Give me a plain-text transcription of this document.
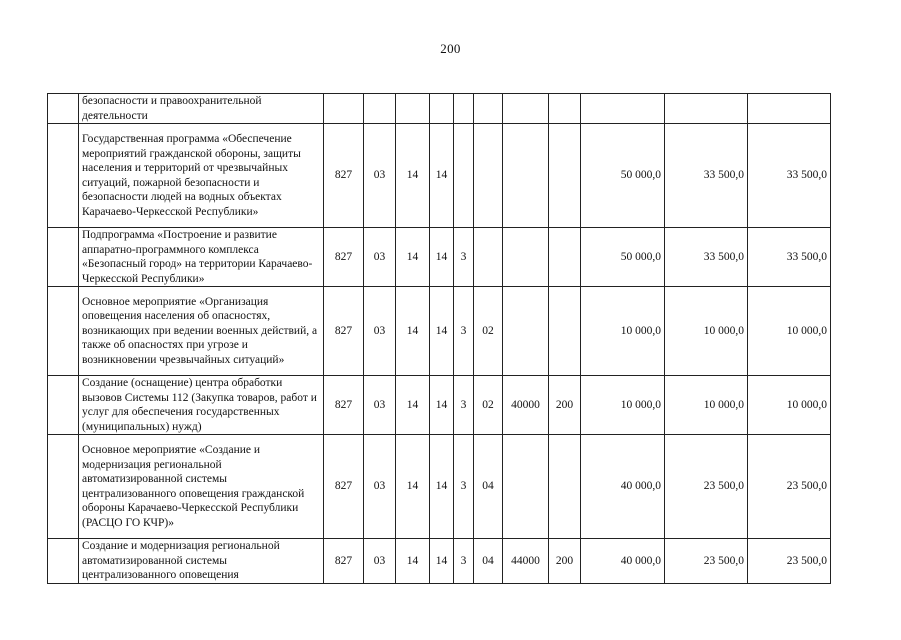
200
	безопасности и правоохранительной деятельности											
	Государственная программа «Обеспечение мероприятий гражданской обороны, защиты населения и территорий от чрезвычайных ситуаций, пожарной безопасности и безопасности людей на водных объектах Карачаево-Черкесской Республики»	827	03	14	14					50 000,0	33 500,0	33 500,0
	Подпрограмма «Построение и развитие аппаратно-программного комплекса «Безопасный город» на территории Карачаево-Черкесской Республики»	827	03	14	14	3				50 000,0	33 500,0	33 500,0
	Основное мероприятие «Организация оповещения населения об опасностях, возникающих при ведении военных действий, а также об опасностях при угрозе и возникновении чрезвычайных ситуаций»	827	03	14	14	3	02			10 000,0	10 000,0	10 000,0
	Создание (оснащение) центра обработки вызовов Системы 112 (Закупка товаров, работ и услуг для обеспечения государственных (муниципальных) нужд)	827	03	14	14	3	02	40000	200	10 000,0	10 000,0	10 000,0
	Основное мероприятие «Создание и модернизация региональной автоматизированной системы централизованного оповещения гражданской обороны Карачаево-Черкесской Республики (РАСЦО ГО КЧР)»	827	03	14	14	3	04			40 000,0	23 500,0	23 500,0
	Создание и модернизация региональной автоматизированной системы централизованного оповещения	827	03	14	14	3	04	44000	200	40 000,0	23 500,0	23 500,0
